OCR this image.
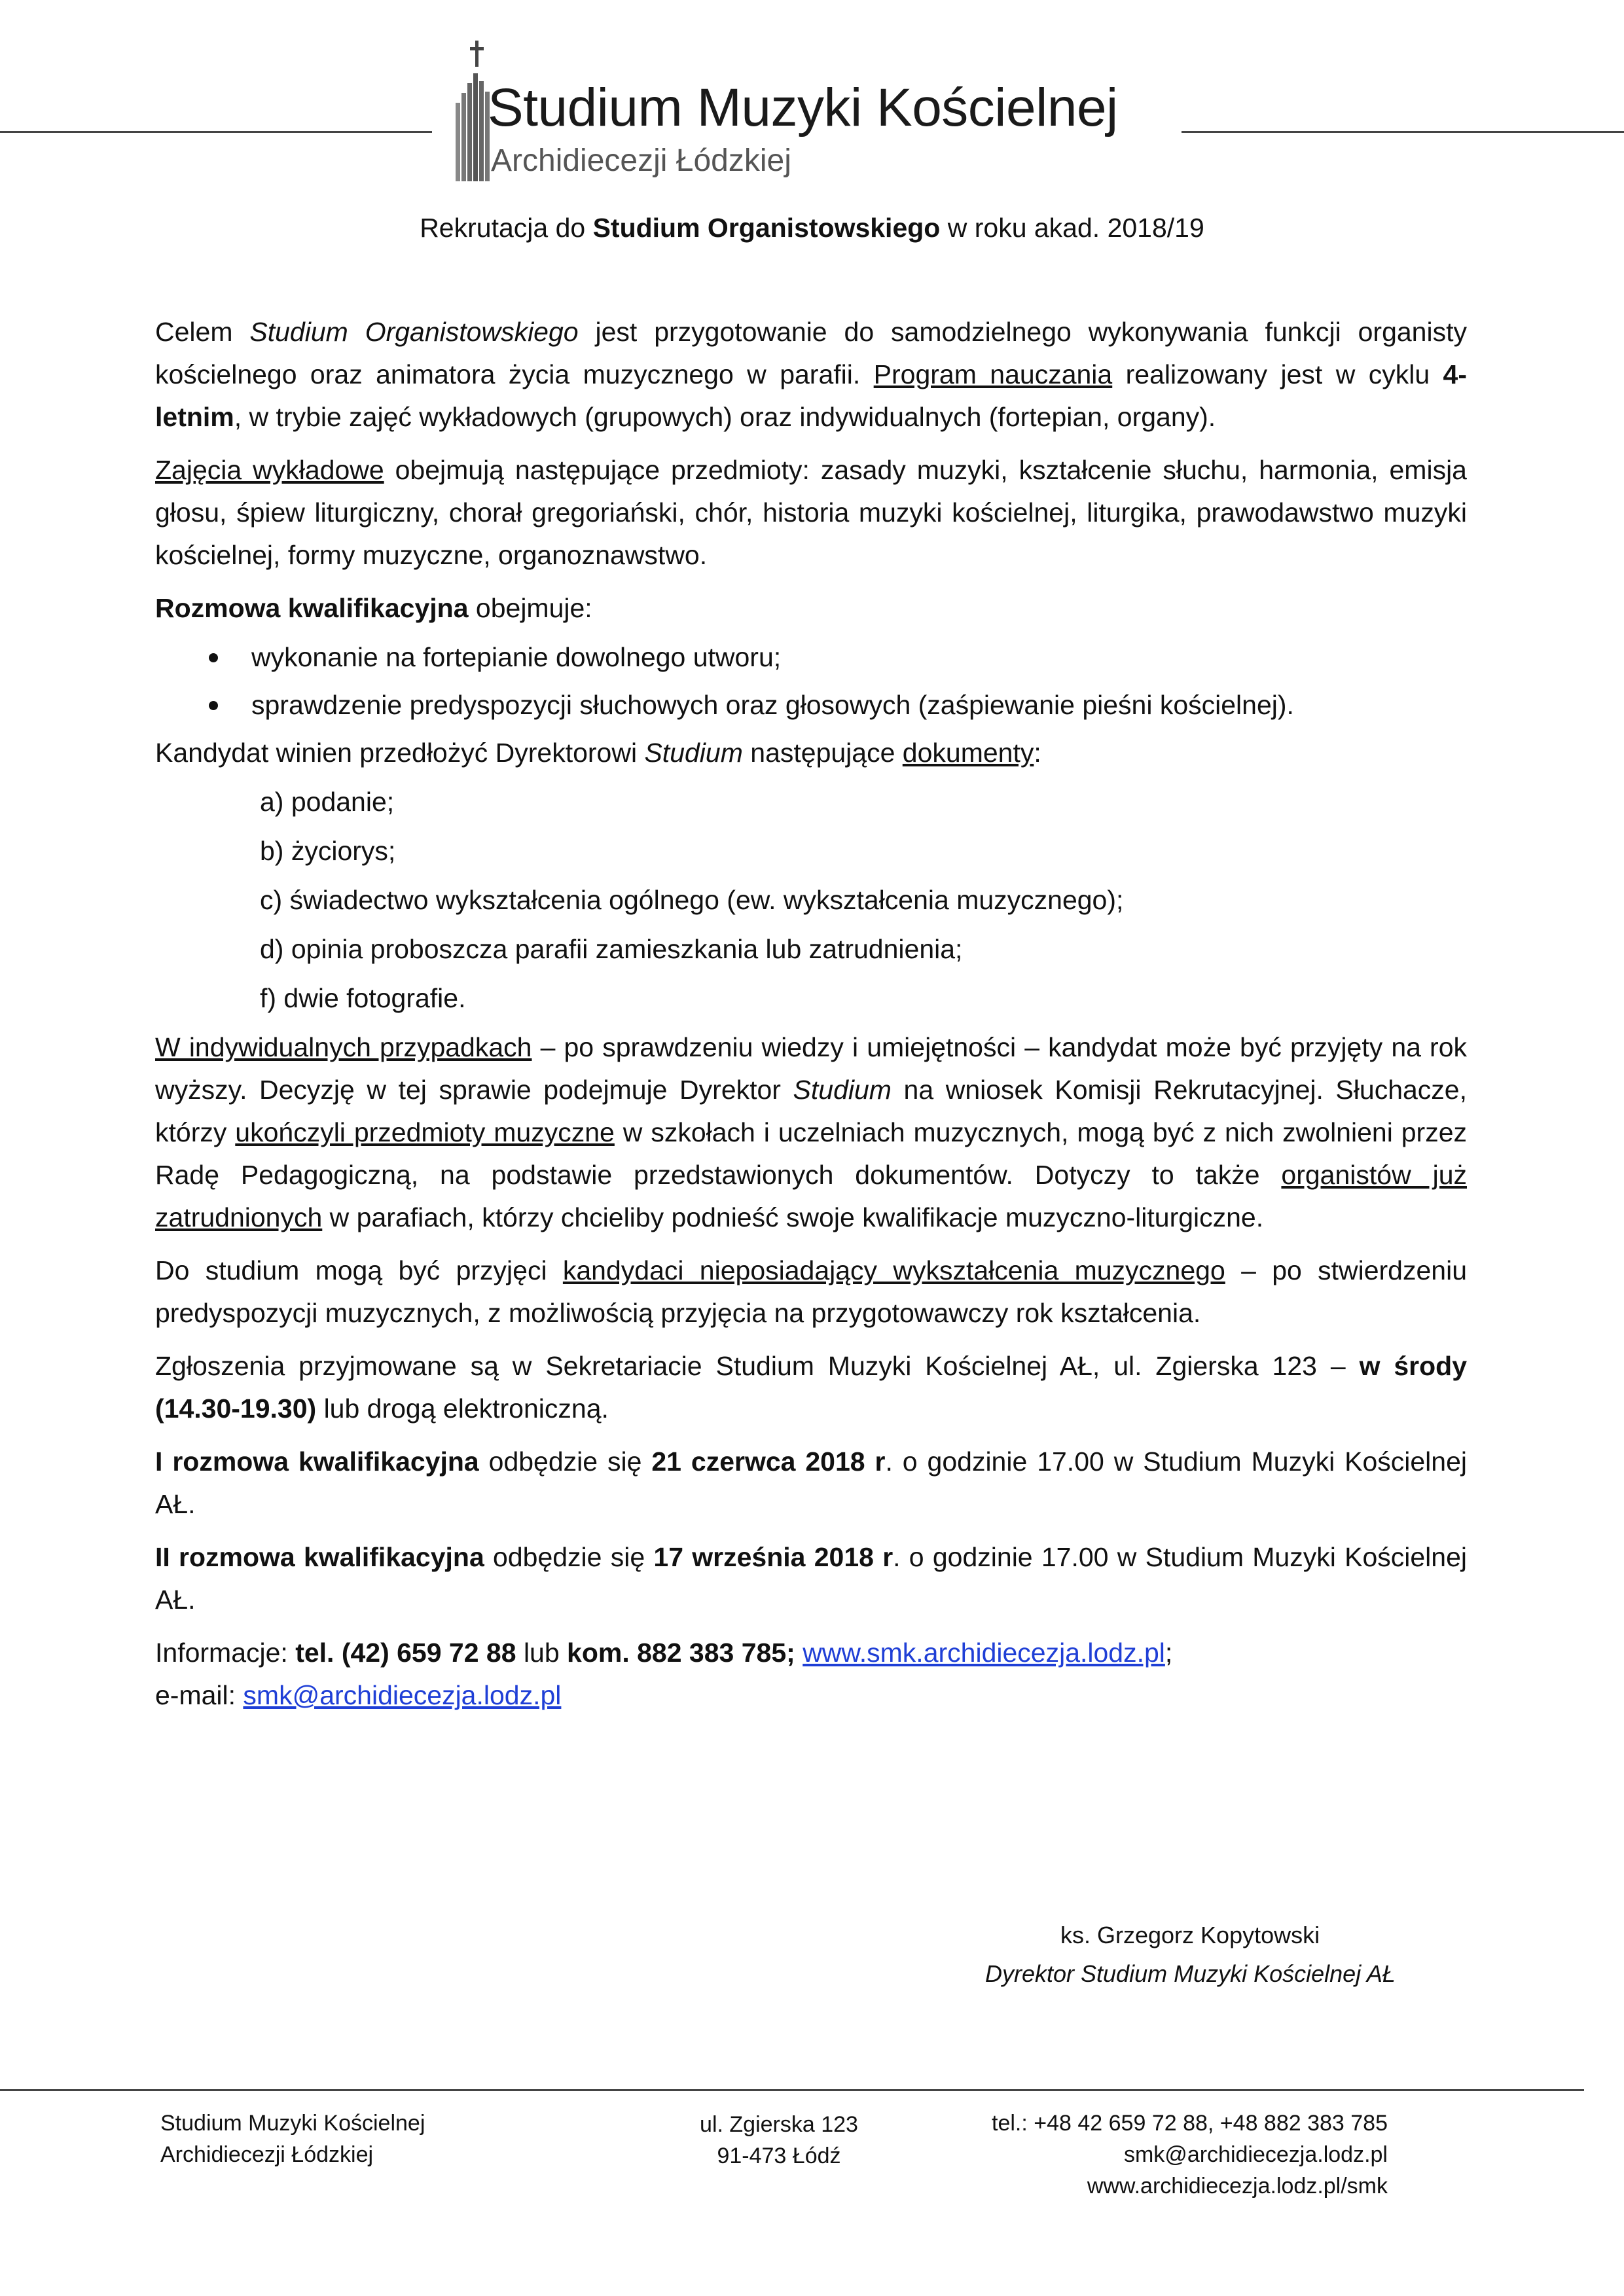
Studium Muzyki Kościelnej
Archidiecezji Łódzkiej
Rekrutacja do Studium Organistowskiego w roku akad. 2018/19

Celem Studium Organistowskiego jest przygotowanie do samodzielnego wykonywania funkcji organisty kościelnego oraz animatora życia muzycznego w parafii. Program nauczania realizowany jest w cyklu 4-letnim, w trybie zajęć wykładowych (grupowych) oraz indywidualnych (fortepian, organy).

Zajęcia wykładowe obejmują następujące przedmioty: zasady muzyki, kształcenie słuchu, harmonia, emisja głosu, śpiew liturgiczny, chorał gregoriański, chór, historia muzyki kościelnej, liturgika, prawodawstwo muzyki kościelnej, formy muzyczne, organoznawstwo.

Rozmowa kwalifikacyjna obejmuje:

wykonanie na fortepianie dowolnego utworu;
sprawdzenie predyspozycji słuchowych oraz głosowych (zaśpiewanie pieśni kościelnej).

Kandydat winien przedłożyć Dyrektorowi Studium następujące dokumenty:

a) podanie;
b) życiorys;
c) świadectwo wykształcenia ogólnego (ew. wykształcenia muzycznego);
d) opinia proboszcza parafii zamieszkania lub zatrudnienia;
f) dwie fotografie.

W indywidualnych przypadkach – po sprawdzeniu wiedzy i umiejętności – kandydat może być przyjęty na rok wyższy. Decyzję w tej sprawie podejmuje Dyrektor Studium na wniosek Komisji Rekrutacyjnej. Słuchacze, którzy ukończyli przedmioty muzyczne w szkołach i uczelniach muzycznych, mogą być z nich zwolnieni przez Radę Pedagogiczną, na podstawie przedstawionych dokumentów. Dotyczy to także organistów już zatrudnionych w parafiach, którzy chcieliby podnieść swoje kwalifikacje muzyczno-liturgiczne.

Do studium mogą być przyjęci kandydaci nieposiadający wykształcenia muzycznego – po stwierdzeniu predyspozycji muzycznych, z możliwością przyjęcia na przygotowawczy rok kształcenia.

Zgłoszenia przyjmowane są w Sekretariacie Studium Muzyki Kościelnej AŁ, ul. Zgierska 123 – w środy (14.30-19.30) lub drogą elektroniczną.

I rozmowa kwalifikacyjna odbędzie się 21 czerwca 2018 r. o godzinie 17.00 w Studium Muzyki Kościelnej AŁ.

II rozmowa kwalifikacyjna odbędzie się 17 września 2018 r. o godzinie 17.00 w Studium Muzyki Kościelnej AŁ.

Informacje: tel. (42) 659 72 88 lub kom. 882 383 785; www.smk.archidiecezja.lodz.pl;
e-mail: smk@archidiecezja.lodz.pl

ks. Grzegorz Kopytowski
Dyrektor Studium Muzyki Kościelnej AŁ
Studium Muzyki Kościelnej
Archidiecezji Łódzkiej
ul. Zgierska 123
91-473 Łódź
tel.: +48 42 659 72 88, +48 882 383 785
smk@archidiecezja.lodz.pl
www.archidiecezja.lodz.pl/smk
